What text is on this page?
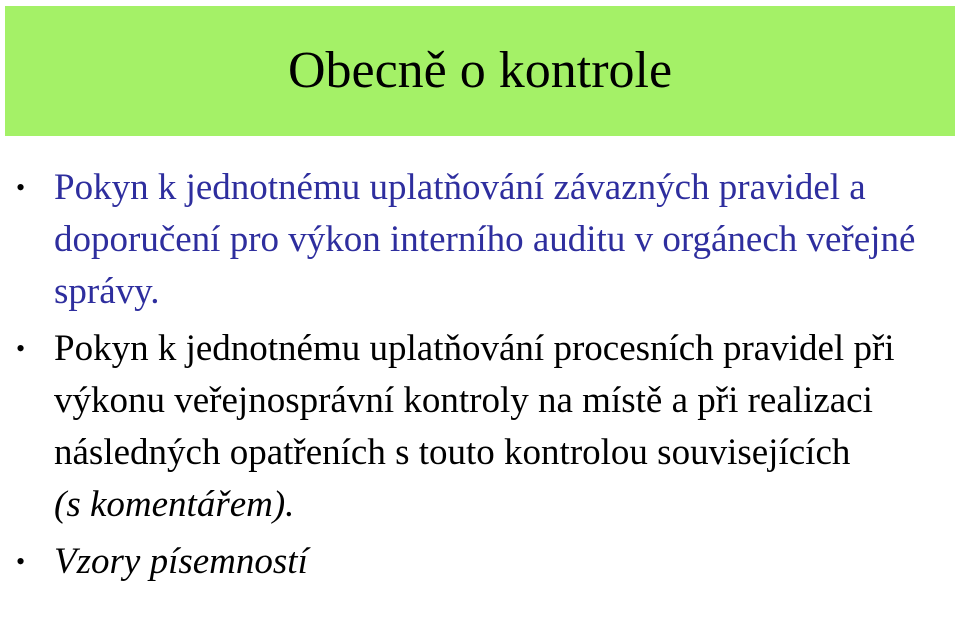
Obecně o kontrole
• Pokyn k jednotnému uplatňování závazných pravidel a doporučení pro výkon interního auditu v orgánech veřejné správy.
• Pokyn k jednotnému uplatňování procesních pravidel při výkonu veřejnosprávní kontroly na místě a při realizaci následných opatřeních s touto kontrolou souvisejících
(s komentářem).
• Vzory písemností
